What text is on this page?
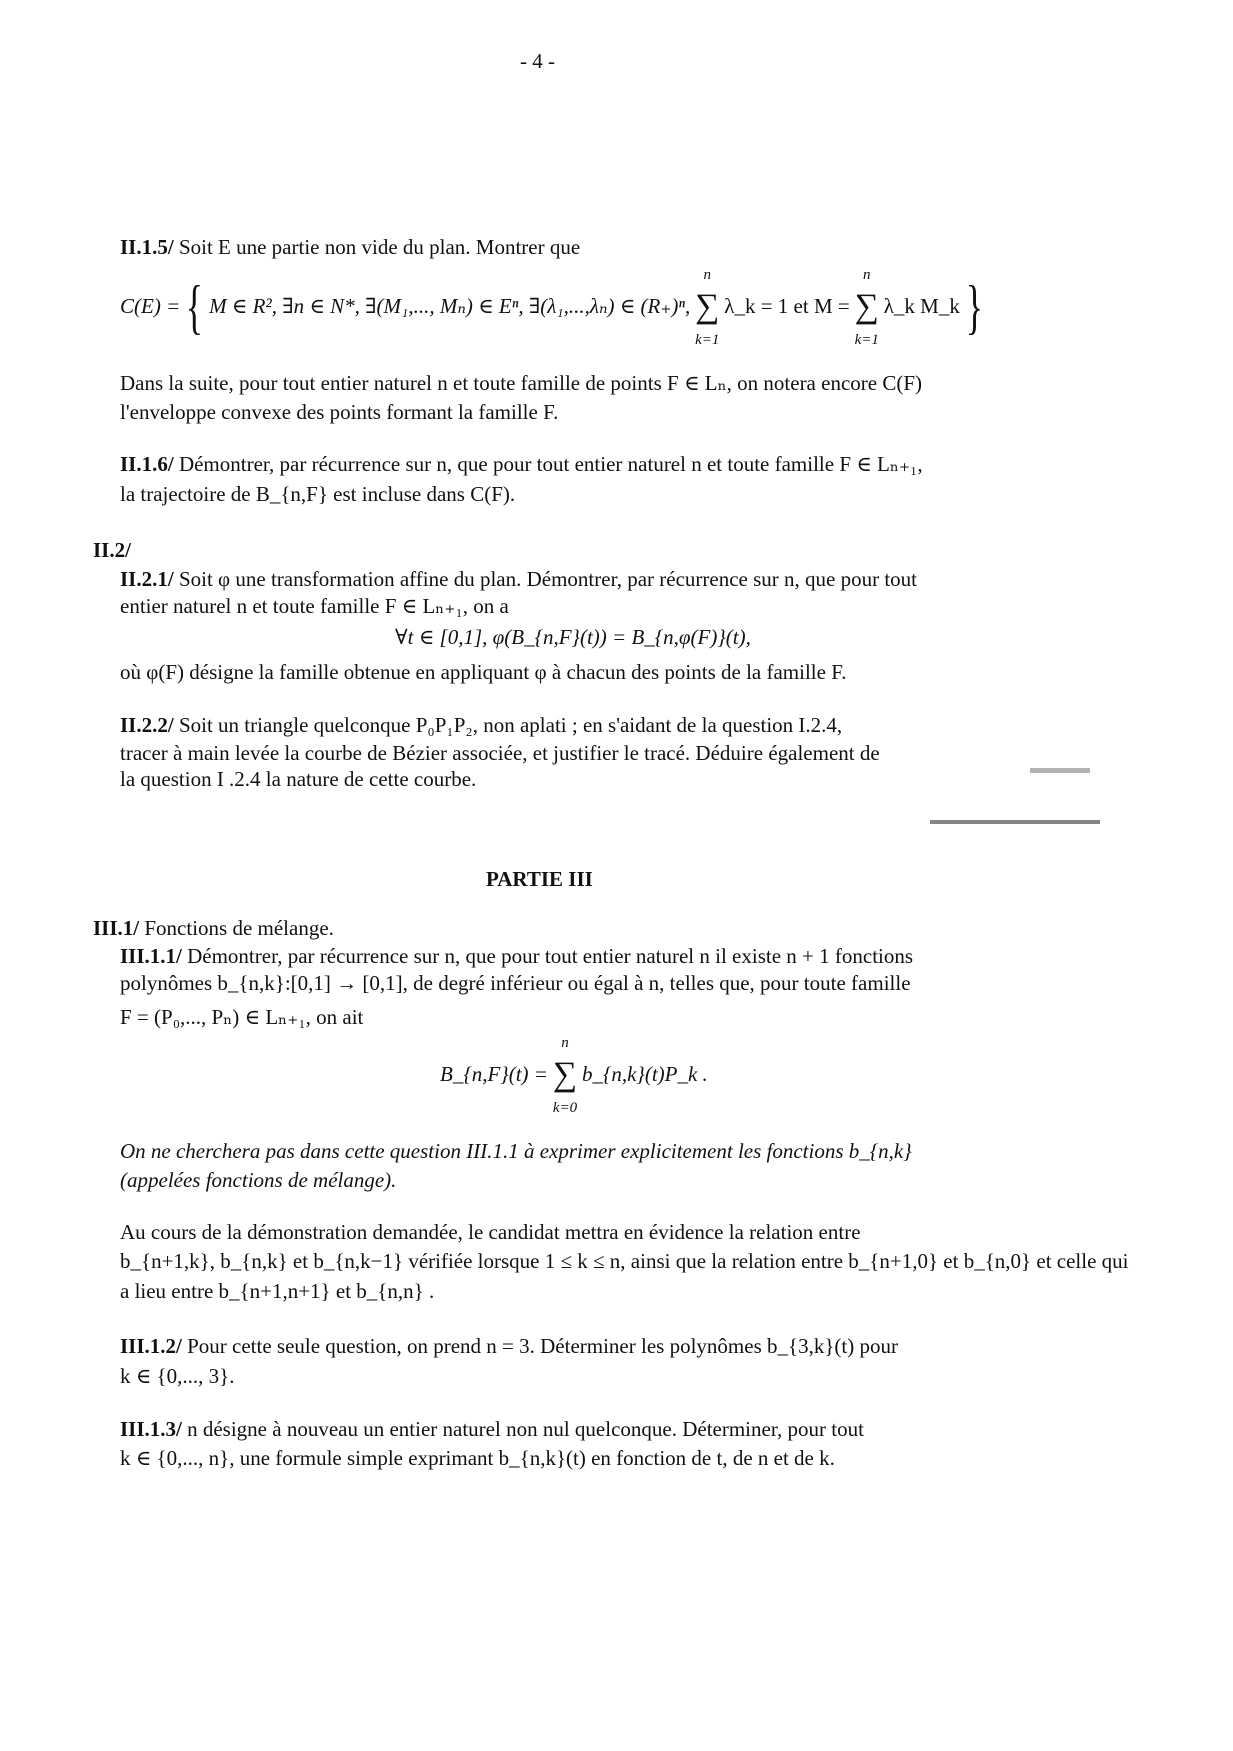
- 4 -
II.1.5/ Soit E une partie non vide du plan. Montrer que
C(E) = { M ∈ R², ∃n ∈ N*, ∃(M₁,..., Mₙ) ∈ Eⁿ, ∃(λ₁,...,λₙ) ∈ (R₊)ⁿ,
n
∑
k=1
λ_k = 1 et M =
n
∑
k=1
λ_k M_k }
Dans la suite, pour tout entier naturel n et toute famille de points F ∈ Lₙ, on notera encore C(F)
l'enveloppe convexe des points formant la famille F.
II.1.6/ Démontrer, par récurrence sur n, que pour tout entier naturel n et toute famille F ∈ Lₙ₊₁,
la trajectoire de B_{n,F} est incluse dans C(F).
II.2/
II.2.1/ Soit φ une transformation affine du plan. Démontrer, par récurrence sur n, que pour tout
entier naturel n et toute famille F ∈ Lₙ₊₁, on a
∀t ∈ [0,1], φ(B_{n,F}(t)) = B_{n,φ(F)}(t),
où φ(F) désigne la famille obtenue en appliquant φ à chacun des points de la famille F.
II.2.2/ Soit un triangle quelconque P₀P₁P₂, non aplati ; en s'aidant de la question I.2.4,
tracer à main levée la courbe de Bézier associée, et justifier le tracé. Déduire également de
la question I .2.4 la nature de cette courbe.
PARTIE III
III.1/ Fonctions de mélange.
III.1.1/ Démontrer, par récurrence sur n, que pour tout entier naturel n il existe n + 1 fonctions
polynômes b_{n,k}:[0,1] → [0,1], de degré inférieur ou égal à n, telles que, pour toute famille
F = (P₀,..., Pₙ) ∈ Lₙ₊₁, on ait
B_{n,F}(t) =
n
∑
k=0
b_{n,k}(t)P_k .
On ne cherchera pas dans cette question III.1.1 à exprimer explicitement les fonctions b_{n,k}
(appelées fonctions de mélange).
Au cours de la démonstration demandée, le candidat mettra en évidence la relation entre
b_{n+1,k}, b_{n,k} et b_{n,k−1} vérifiée lorsque 1 ≤ k ≤ n, ainsi que la relation entre b_{n+1,0} et b_{n,0} et celle qui
a lieu entre b_{n+1,n+1} et b_{n,n} .
III.1.2/ Pour cette seule question, on prend n = 3. Déterminer les polynômes b_{3,k}(t) pour
k ∈ {0,..., 3}.
III.1.3/ n désigne à nouveau un entier naturel non nul quelconque. Déterminer, pour tout
k ∈ {0,..., n}, une formule simple exprimant b_{n,k}(t) en fonction de t, de n et de k.
